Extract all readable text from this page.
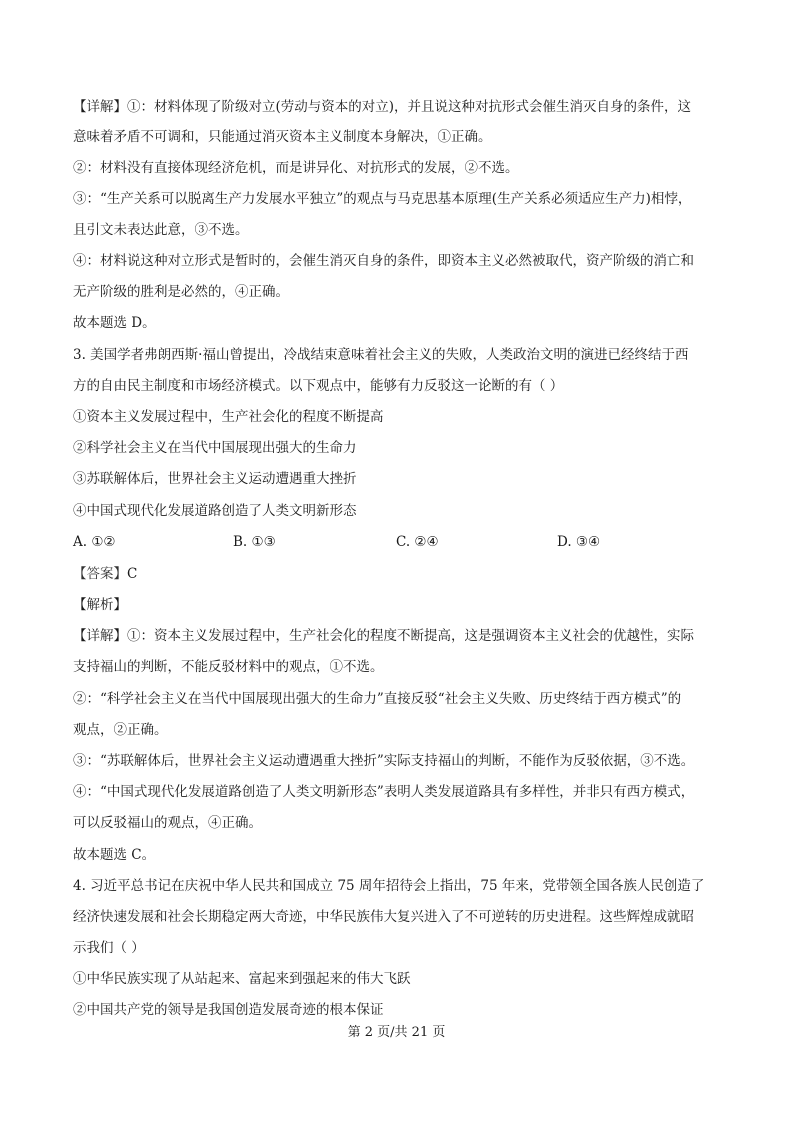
【详解】①：材料体现了阶级对立(劳动与资本的对立)，并且说这种对抗形式会催生消灭自身的条件，这
意味着矛盾不可调和，只能通过消灭资本主义制度本身解决，①正确。
②：材料没有直接体现经济危机，而是讲异化、对抗形式的发展，②不选。
③：“生产关系可以脱离生产力发展水平独立”的观点与马克思基本原理(生产关系必须适应生产力)相悖，
且引文未表达此意，③不选。
④：材料说这种对立形式是暂时的，会催生消灭自身的条件，即资本主义必然被取代，资产阶级的消亡和
无产阶级的胜利是必然的，④正确。
故本题选 D。
3. 美国学者弗朗西斯·福山曾提出，冷战结束意味着社会主义的失败，人类政治文明的演进已经终结于西
方的自由民主制度和市场经济模式。以下观点中，能够有力反驳这一论断的有（ ）
①资本主义发展过程中，生产社会化的程度不断提高
②科学社会主义在当代中国展现出强大的生命力
③苏联解体后，世界社会主义运动遭遇重大挫折
④中国式现代化发展道路创造了人类文明新形态
A. ①②	B. ①③	C. ②④	D. ③④
【答案】C
【解析】
【详解】①：资本主义发展过程中，生产社会化的程度不断提高，这是强调资本主义社会的优越性，实际
支持福山的判断，不能反驳材料中的观点，①不选。
②：“科学社会主义在当代中国展现出强大的生命力”直接反驳“社会主义失败、历史终结于西方模式”的
观点，②正确。
③：“苏联解体后，世界社会主义运动遭遇重大挫折”实际支持福山的判断，不能作为反驳依据，③不选。
④：“中国式现代化发展道路创造了人类文明新形态”表明人类发展道路具有多样性，并非只有西方模式，
可以反驳福山的观点，④正确。
故本题选 C。
4. 习近平总书记在庆祝中华人民共和国成立 75 周年招待会上指出，75 年来，党带领全国各族人民创造了
经济快速发展和社会长期稳定两大奇迹，中华民族伟大复兴进入了不可逆转的历史进程。这些辉煌成就昭
示我们（ ）
①中华民族实现了从站起来、富起来到强起来的伟大飞跃
②中国共产党的领导是我国创造发展奇迹的根本保证
第 2 页/共 21 页
